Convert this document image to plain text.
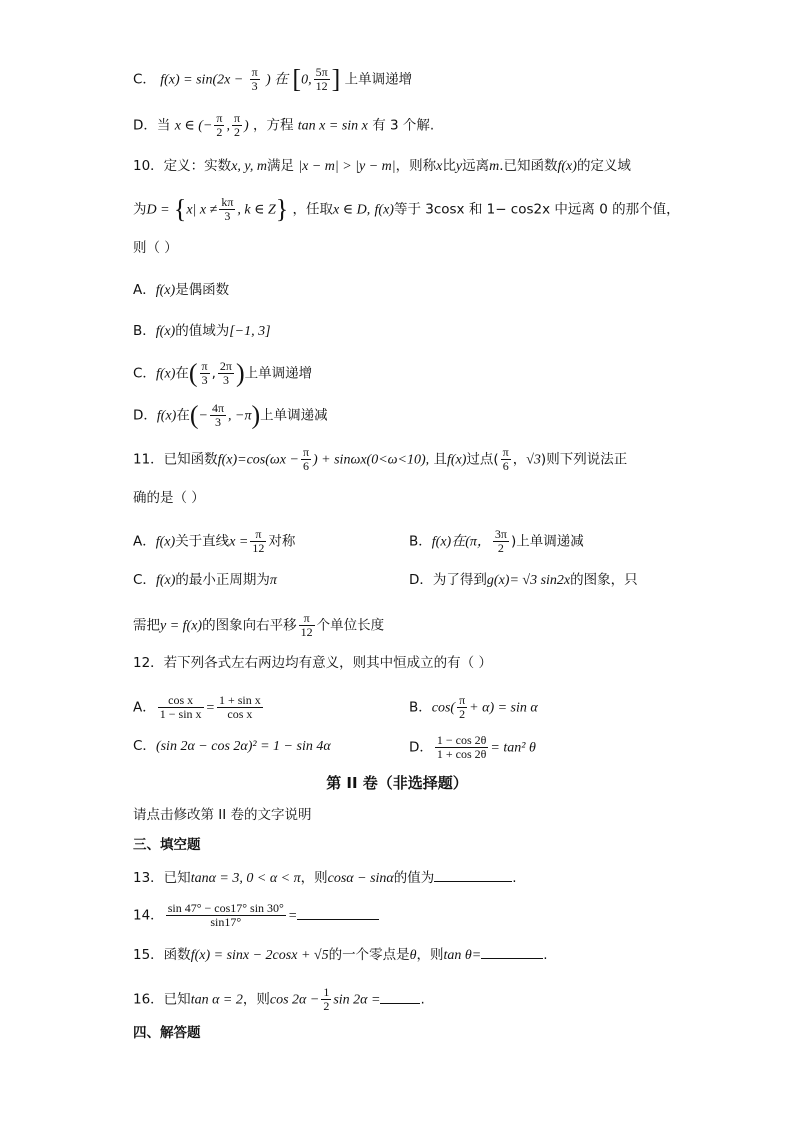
C． $f(x) = \sin(2x - \frac{\pi}{3}$ ) 在 [0, $\frac{5\pi}{12}$ ] 上单调递增
D．当 x ∈ (− $\frac{\pi}{2}$ , $\frac{\pi}{2}$ ) ，方程 tan x = sin x 有 3 个解.
10．定义：实数x, y, m满足 |x − m| > |y − m|，则称x比y远离m.已知函数f(x)的定义域
为D = {x| $x \ne \frac{k\pi}{3}$ , k ∈ Z} ，任取x ∈ D, f(x)等于 3cosx 和 1− cos2x 中远离 0 的那个值，
则（ ）
A．f(x)是偶函数
B．f(x)的值域为[−1, 3]
C．f(x)在( $\frac{\pi}{3}$ , $\frac{2\pi}{3}$ )上单调递增
D．f(x)在(− $\frac{4\pi}{3}$ , −π)上单调递减
11．已知函数$f(x)=\cos(\omega x - \frac{\pi}{6}$ ) + sinωx(0<ω<10), 且f(x)过点( $\frac{\pi}{6}$ ，√3)则下列说法正
确的是（ ）
A．f(x)关于直线$x = \frac{\pi}{12}$ 对称	B．f(x)在(π， $\frac{3\pi}{2}$ )上单调递减
C．f(x)的最小正周期为π	D．为了得到g(x)= √3 sin2x的图象，只
需把y = f(x)的图象向右平移 $\frac{\pi}{12}$ 个单位长度
12．若下列各式左右两边均有意义，则其中恒成立的有（ ）
A． $\frac{\text{cos x}}{\text{1 − sin x}} = \frac{\text{1 + sin x}}{\text{cos x}}$	B．$\cos( \frac{\pi}{2} + \alpha) = \sin \alpha$
C．(sin 2α − cos 2α)² = 1 − sin 4α	D． $\frac{1 - \cos 2\theta}{1 + \cos 2\theta} = \tan^2$ θ
第 II 卷（非选择题）
请点击修改第 II 卷的文字说明
三、填空题
13．已知tanα = 3, 0 < α < π，则cosα − sinα的值为	.
14． $\frac{\sin 47^\circ - \cos 17^\circ \sin 30^\circ}{\sin 17^\circ}$ =
15．函数f(x) = sinx − 2cosx + √5的一个零点是θ，则tan θ=	.
16．已知tan α = 2，则$\cos 2\alpha - \frac{1}{2}$ sin 2α =	.
四、解答题
